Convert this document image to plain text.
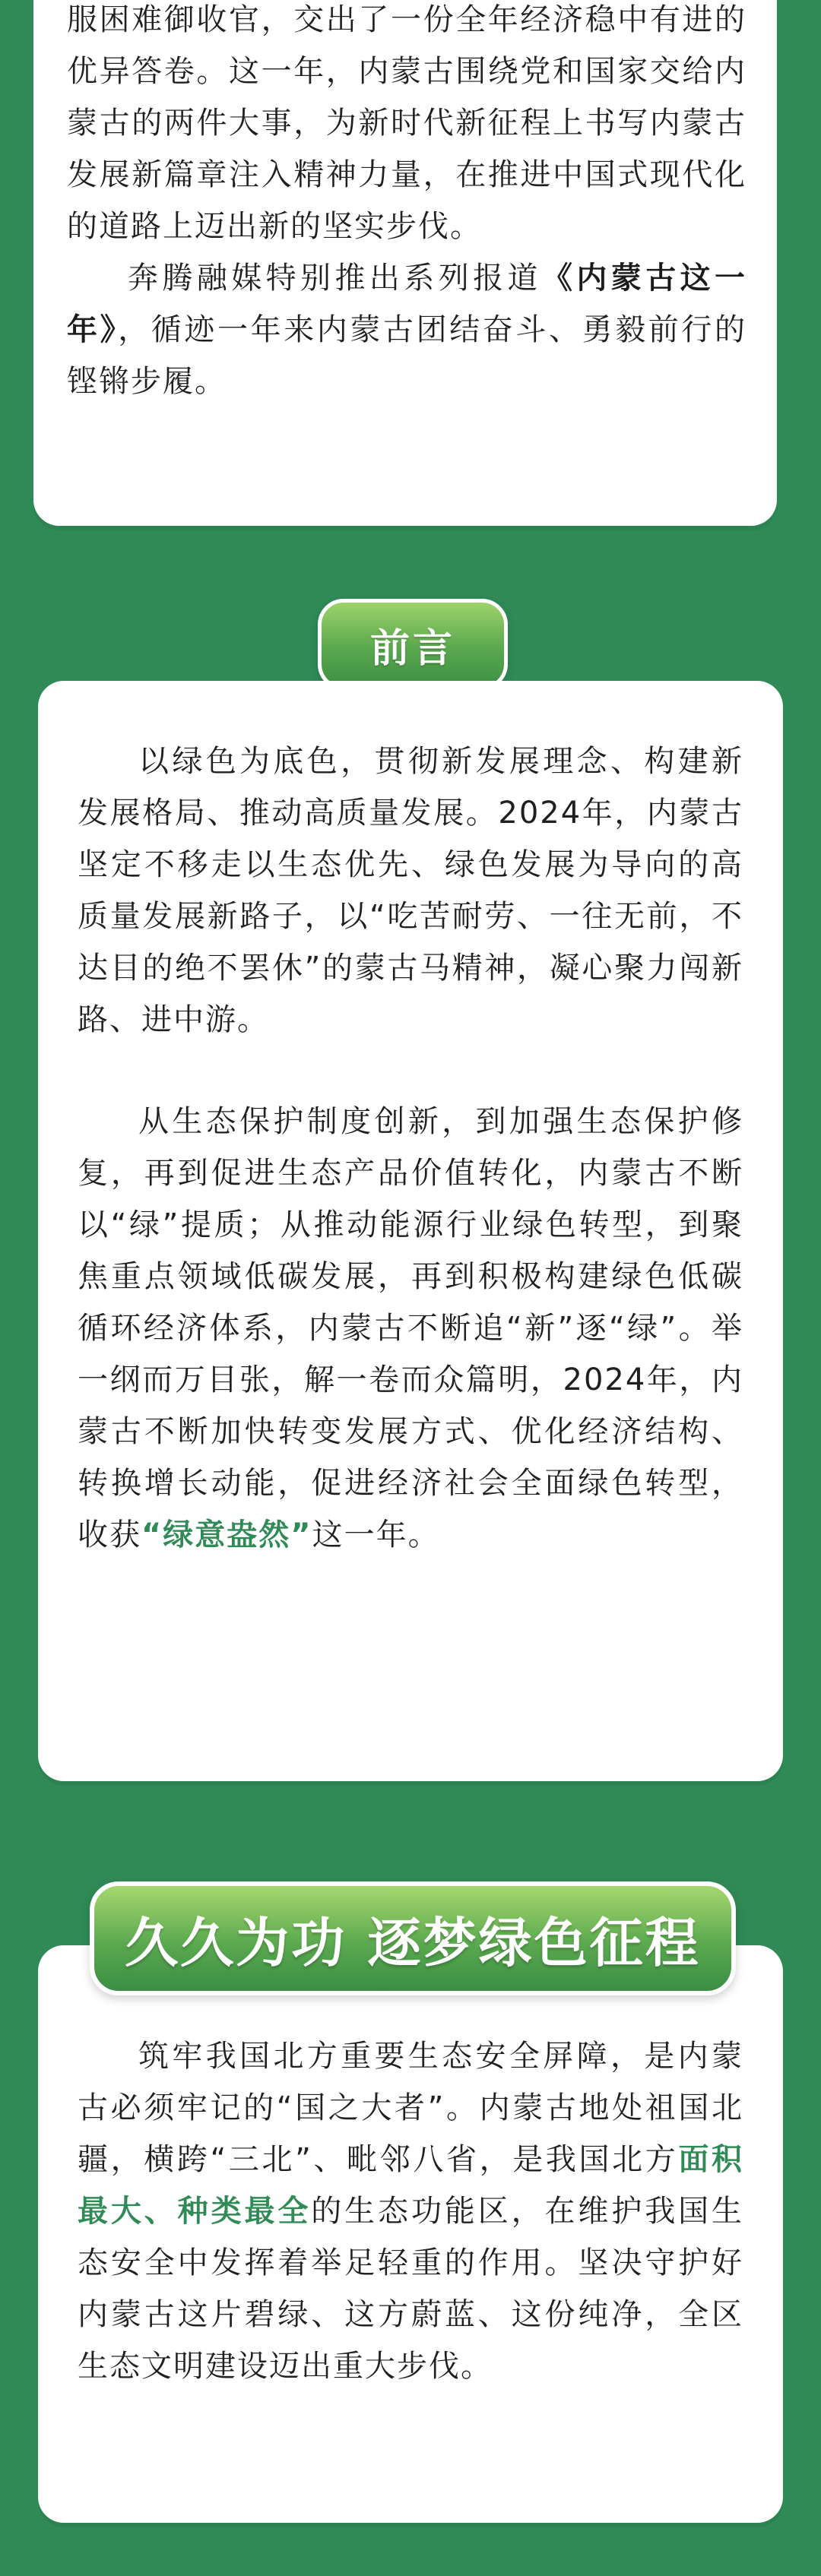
服困难御收官，交出了一份全年经济稳中有进的优异答卷。这一年，内蒙古围绕党和国家交给内蒙古的两件大事，为新时代新征程上书写内蒙古发展新篇章注入精神力量，在推进中国式现代化的道路上迈出新的坚实步伐。

奔腾融媒特别推出系列报道《内蒙古这一年》，循迹一年来内蒙古团结奋斗、勇毅前行的铿锵步履。

前言

以绿色为底色，贯彻新发展理念、构建新发展格局、推动高质量发展。2024年，内蒙古坚定不移走以生态优先、绿色发展为导向的高质量发展新路子，以“吃苦耐劳、一往无前，不达目的绝不罢休”的蒙古马精神，凝心聚力闯新路、进中游。

从生态保护制度创新，到加强生态保护修复，再到促进生态产品价值转化，内蒙古不断以“绿”提质；从推动能源行业绿色转型，到聚焦重点领域低碳发展，再到积极构建绿色低碳循环经济体系，内蒙古不断追“新”逐“绿”。举一纲而万目张，解一卷而众篇明，2024年，内蒙古不断加快转变发展方式、优化经济结构、转换增长动能，促进经济社会全面绿色转型，收获“绿意盎然”这一年。

筑牢我国北方重要生态安全屏障，是内蒙古必须牢记的“国之大者”。内蒙古地处祖国北疆，横跨“三北”、毗邻八省，是我国北方面积最大、种类最全的生态功能区，在维护我国生态安全中发挥着举足轻重的作用。坚决守护好内蒙古这片碧绿、这方蔚蓝、这份纯净，全区生态文明建设迈出重大步伐。

久久为功 逐梦绿色征程
